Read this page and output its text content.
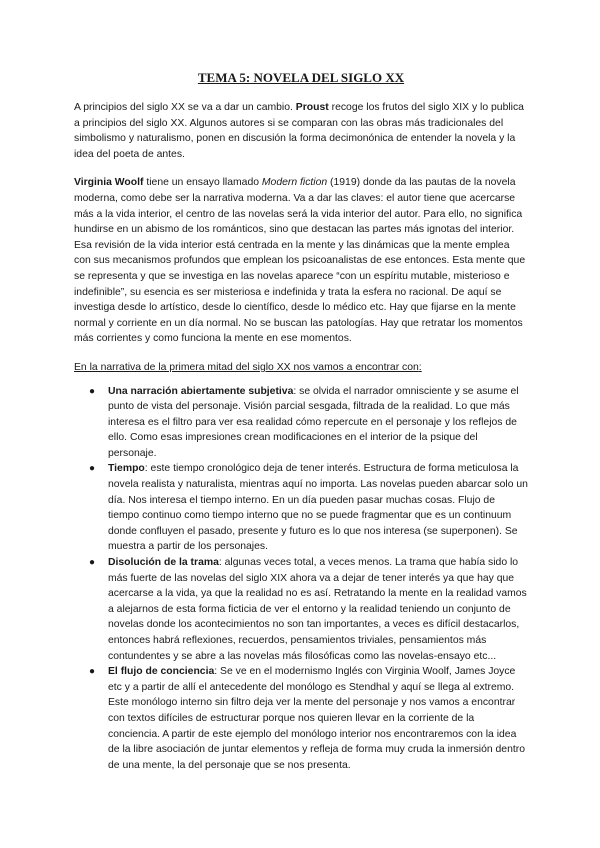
TEMA 5: NOVELA DEL SIGLO XX

A principios del siglo XX se va a dar un cambio. Proust recoge los frutos del siglo XIX y lo publica a principios del siglo XX. Algunos autores si se comparan con las obras más tradicionales del simbolismo y naturalismo, ponen en discusión la forma decimonónica de entender la novela y la idea del poeta de antes.

Virginia Woolf tiene un ensayo llamado Modern fiction (1919) donde da las pautas de la novela moderna, como debe ser la narrativa moderna. Va a dar las claves: el autor tiene que acercarse más a la vida interior, el centro de las novelas será la vida interior del autor. Para ello, no significa hundirse en un abismo de los románticos, sino que destacan las partes más ignotas del interior. Esa revisión de la vida interior está centrada en la mente y las dinámicas que la mente emplea con sus mecanismos profundos que emplean los psicoanalistas de ese entonces. Esta mente que se representa y que se investiga en las novelas aparece “con un espíritu mutable, misterioso e indefinible”, su esencia es ser misteriosa e indefinida y trata la esfera no racional. De aquí se investiga desde lo artístico, desde lo científico, desde lo médico etc. Hay que fijarse en la mente normal y corriente en un día normal. No se buscan las patologías. Hay que retratar los momentos más corrientes y como funciona la mente en ese momentos.

En la narrativa de la primera mitad del siglo XX nos vamos a encontrar con:

● Una narración abiertamente subjetiva: se olvida el narrador omnisciente y se asume el punto de vista del personaje. Visión parcial sesgada, filtrada de la realidad. Lo que más interesa es el filtro para ver esa realidad cómo repercute en el personaje y los reflejos de ello. Como esas impresiones crean modificaciones en el interior de la psique del personaje.
● Tiempo: este tiempo cronológico deja de tener interés. Estructura de forma meticulosa la novela realista y naturalista, mientras aquí no importa. Las novelas pueden abarcar solo un día. Nos interesa el tiempo interno. En un día pueden pasar muchas cosas. Flujo de tiempo continuo como tiempo interno que no se puede fragmentar que es un continuum donde confluyen el pasado, presente y futuro es lo que nos interesa (se superponen). Se muestra a partir de los personajes.
● Disolución de la trama: algunas veces total, a veces menos. La trama que había sido lo más fuerte de las novelas del siglo XIX ahora va a dejar de tener interés ya que hay que acercarse a la vida, ya que la realidad no es así. Retratando la mente en la realidad vamos a alejarnos de esta forma ficticia de ver el entorno y la realidad teniendo un conjunto de novelas donde los acontecimientos no son tan importantes, a veces es difícil destacarlos, entonces habrá reflexiones, recuerdos, pensamientos triviales, pensamientos más contundentes y se abre a las novelas más filosóficas como las novelas-ensayo etc...
● El flujo de conciencia: Se ve en el modernismo Inglés con Virginia Woolf, James Joyce etc y a partir de allí el antecedente del monólogo es Stendhal y aquí se llega al extremo. Este monólogo interno sin filtro deja ver la mente del personaje y nos vamos a encontrar con textos difíciles de estructurar porque nos quieren llevar en la corriente de la conciencia. A partir de este ejemplo del monólogo interior nos encontraremos con la idea de la libre asociación de juntar elementos y refleja de forma muy cruda la inmersión dentro de una mente, la del personaje que se nos presenta.
